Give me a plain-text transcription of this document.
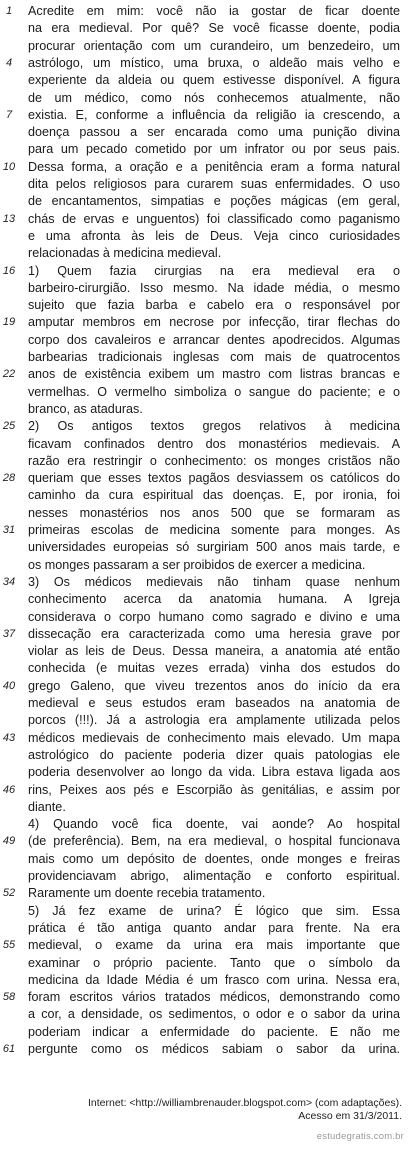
Acredite em mim: você não ia gostar de ficar doente
na era medieval. Por quê? Se você ficasse doente, podia
procurar orientação com um curandeiro, um benzedeiro, um
astrólogo, um místico, uma bruxa, o aldeão mais velho e
experiente da aldeia ou quem estivesse disponível. A figura
de um médico, como nós conhecemos atualmente, não
existia. E, conforme a influência da religião ia crescendo, a
doença passou a ser encarada como uma punição divina
para um pecado cometido por um infrator ou por seus pais.
Dessa forma, a oração e a penitência eram a forma natural
dita pelos religiosos para curarem suas enfermidades. O uso
de encantamentos, simpatias e poções mágicas (em geral,
chás de ervas e unguentos) foi classificado como paganismo
e uma afronta às leis de Deus. Veja cinco curiosidades
relacionadas à medicina medieval.
1) Quem fazia cirurgias na era medieval era o
barbeiro-cirurgião. Isso mesmo. Na idade média, o mesmo
sujeito que fazia barba e cabelo era o responsável por
amputar membros em necrose por infecção, tirar flechas do
corpo dos cavaleiros e arrancar dentes apodrecidos. Algumas
barbearias tradicionais inglesas com mais de quatrocentos
anos de existência exibem um mastro com listras brancas e
vermelhas. O vermelho simboliza o sangue do paciente; e o
branco, as ataduras.
2) Os antigos textos gregos relativos à medicina
ficavam confinados dentro dos monastérios medievais. A
razão era restringir o conhecimento: os monges cristãos não
queriam que esses textos pagãos desviassem os católicos do
caminho da cura espiritual das doenças. E, por ironia, foi
nesses monastérios nos anos 500 que se formaram as
primeiras escolas de medicina somente para monges. As
universidades europeias só surgiriam 500 anos mais tarde, e
os monges passaram a ser proibidos de exercer a medicina.
3) Os médicos medievais não tinham quase nenhum
conhecimento acerca da anatomia humana. A Igreja
considerava o corpo humano como sagrado e divino e uma
dissecação era caracterizada como uma heresia grave por
violar as leis de Deus. Dessa maneira, a anatomia até então
conhecida (e muitas vezes errada) vinha dos estudos do
grego Galeno, que viveu trezentos anos do início da era
medieval e seus estudos eram baseados na anatomia de
porcos (!!!). Já a astrologia era amplamente utilizada pelos
médicos medievais de conhecimento mais elevado. Um mapa
astrológico do paciente poderia dizer quais patologias ele
poderia desenvolver ao longo da vida. Libra estava ligada aos
rins, Peixes aos pés e Escorpião às genitálias, e assim por
diante.
4) Quando você fica doente, vai aonde? Ao hospital
(de preferência). Bem, na era medieval, o hospital funcionava
mais como um depósito de doentes, onde monges e freiras
providenciavam abrigo, alimentação e conforto espiritual.
Raramente um doente recebia tratamento.
5) Já fez exame de urina? É lógico que sim. Essa
prática é tão antiga quanto andar para frente. Na era
medieval, o exame da urina era mais importante que
examinar o próprio paciente. Tanto que o símbolo da
medicina da Idade Média é um frasco com urina. Nessa era,
foram escritos vários tratados médicos, demonstrando como
a cor, a densidade, os sedimentos, o odor e o sabor da urina
poderiam indicar a enfermidade do paciente. E não me
pergunte como os médicos sabiam o sabor da urina.
1
4
7
10
13
16
19
22
25
28
31
34
37
40
43
46
49
52
55
58
61
Internet: <http://williambrenauder.blogspot.com> (com adaptações).
Acesso em 31/3/2011.
estudegratis.com.br
